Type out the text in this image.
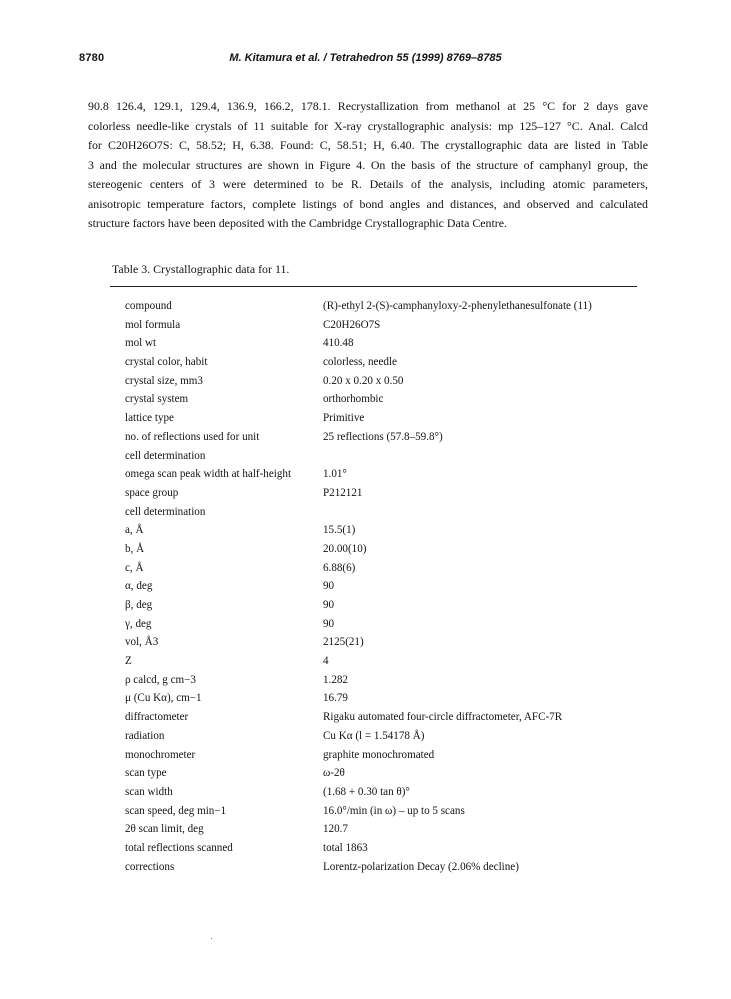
8780	M. Kitamura et al. / Tetrahedron 55 (1999) 8769–8785
90.8 126.4, 129.1, 129.4, 136.9, 166.2, 178.1. Recrystallization from methanol at 25 °C for 2 days gave
colorless needle-like crystals of 11 suitable for X-ray crystallographic analysis: mp 125–127 °C. Anal. Calcd
for C20H26O7S: C, 58.52; H, 6.38. Found: C, 58.51; H, 6.40. The crystallographic data are listed in Table
3 and the molecular structures are shown in Figure 4. On the basis of the structure of camphanyl group, the
stereogenic centers of 3 were determined to be R. Details of the analysis, including atomic parameters,
anisotropic temperature factors, complete listings of bond angles and distances, and observed and calculated
structure factors have been deposited with the Cambridge Crystallographic Data Centre.
Table 3. Crystallographic data for 11.
compound	(R)-ethyl 2-(S)-camphanyloxy-2-phenylethanesulfonate (11)
mol formula	C20H26O7S
mol wt	410.48
crystal color, habit	colorless, needle
crystal size, mm3	0.20 x 0.20 x 0.50
crystal system	orthorhombic
lattice type	Primitive
no. of reflections used for unit	25 reflections (57.8–59.8°)
cell determination
omega scan peak width at half-height	1.01°
space group	P212121
cell determination
a, Å	15.5(1)
b, Å	20.00(10)
c, Å	6.88(6)
α, deg	90
β, deg	90
γ, deg	90
vol, Å3	2125(21)
Z	4
ρ calcd, g cm−3	1.282
μ (Cu Kα), cm−1	16.79
diffractometer	Rigaku automated four-circle diffractometer, AFC-7R
radiation	Cu Kα (l = 1.54178 Å)
monochrometer	graphite monochromated
scan type	ω-2θ
scan width	(1.68 + 0.30 tan θ)°
scan speed, deg min−1	16.0°/min (in ω) – up to 5 scans
2θ scan limit, deg	120.7
total reflections scanned	total 1863
corrections	Lorentz-polarization Decay (2.06% decline)
